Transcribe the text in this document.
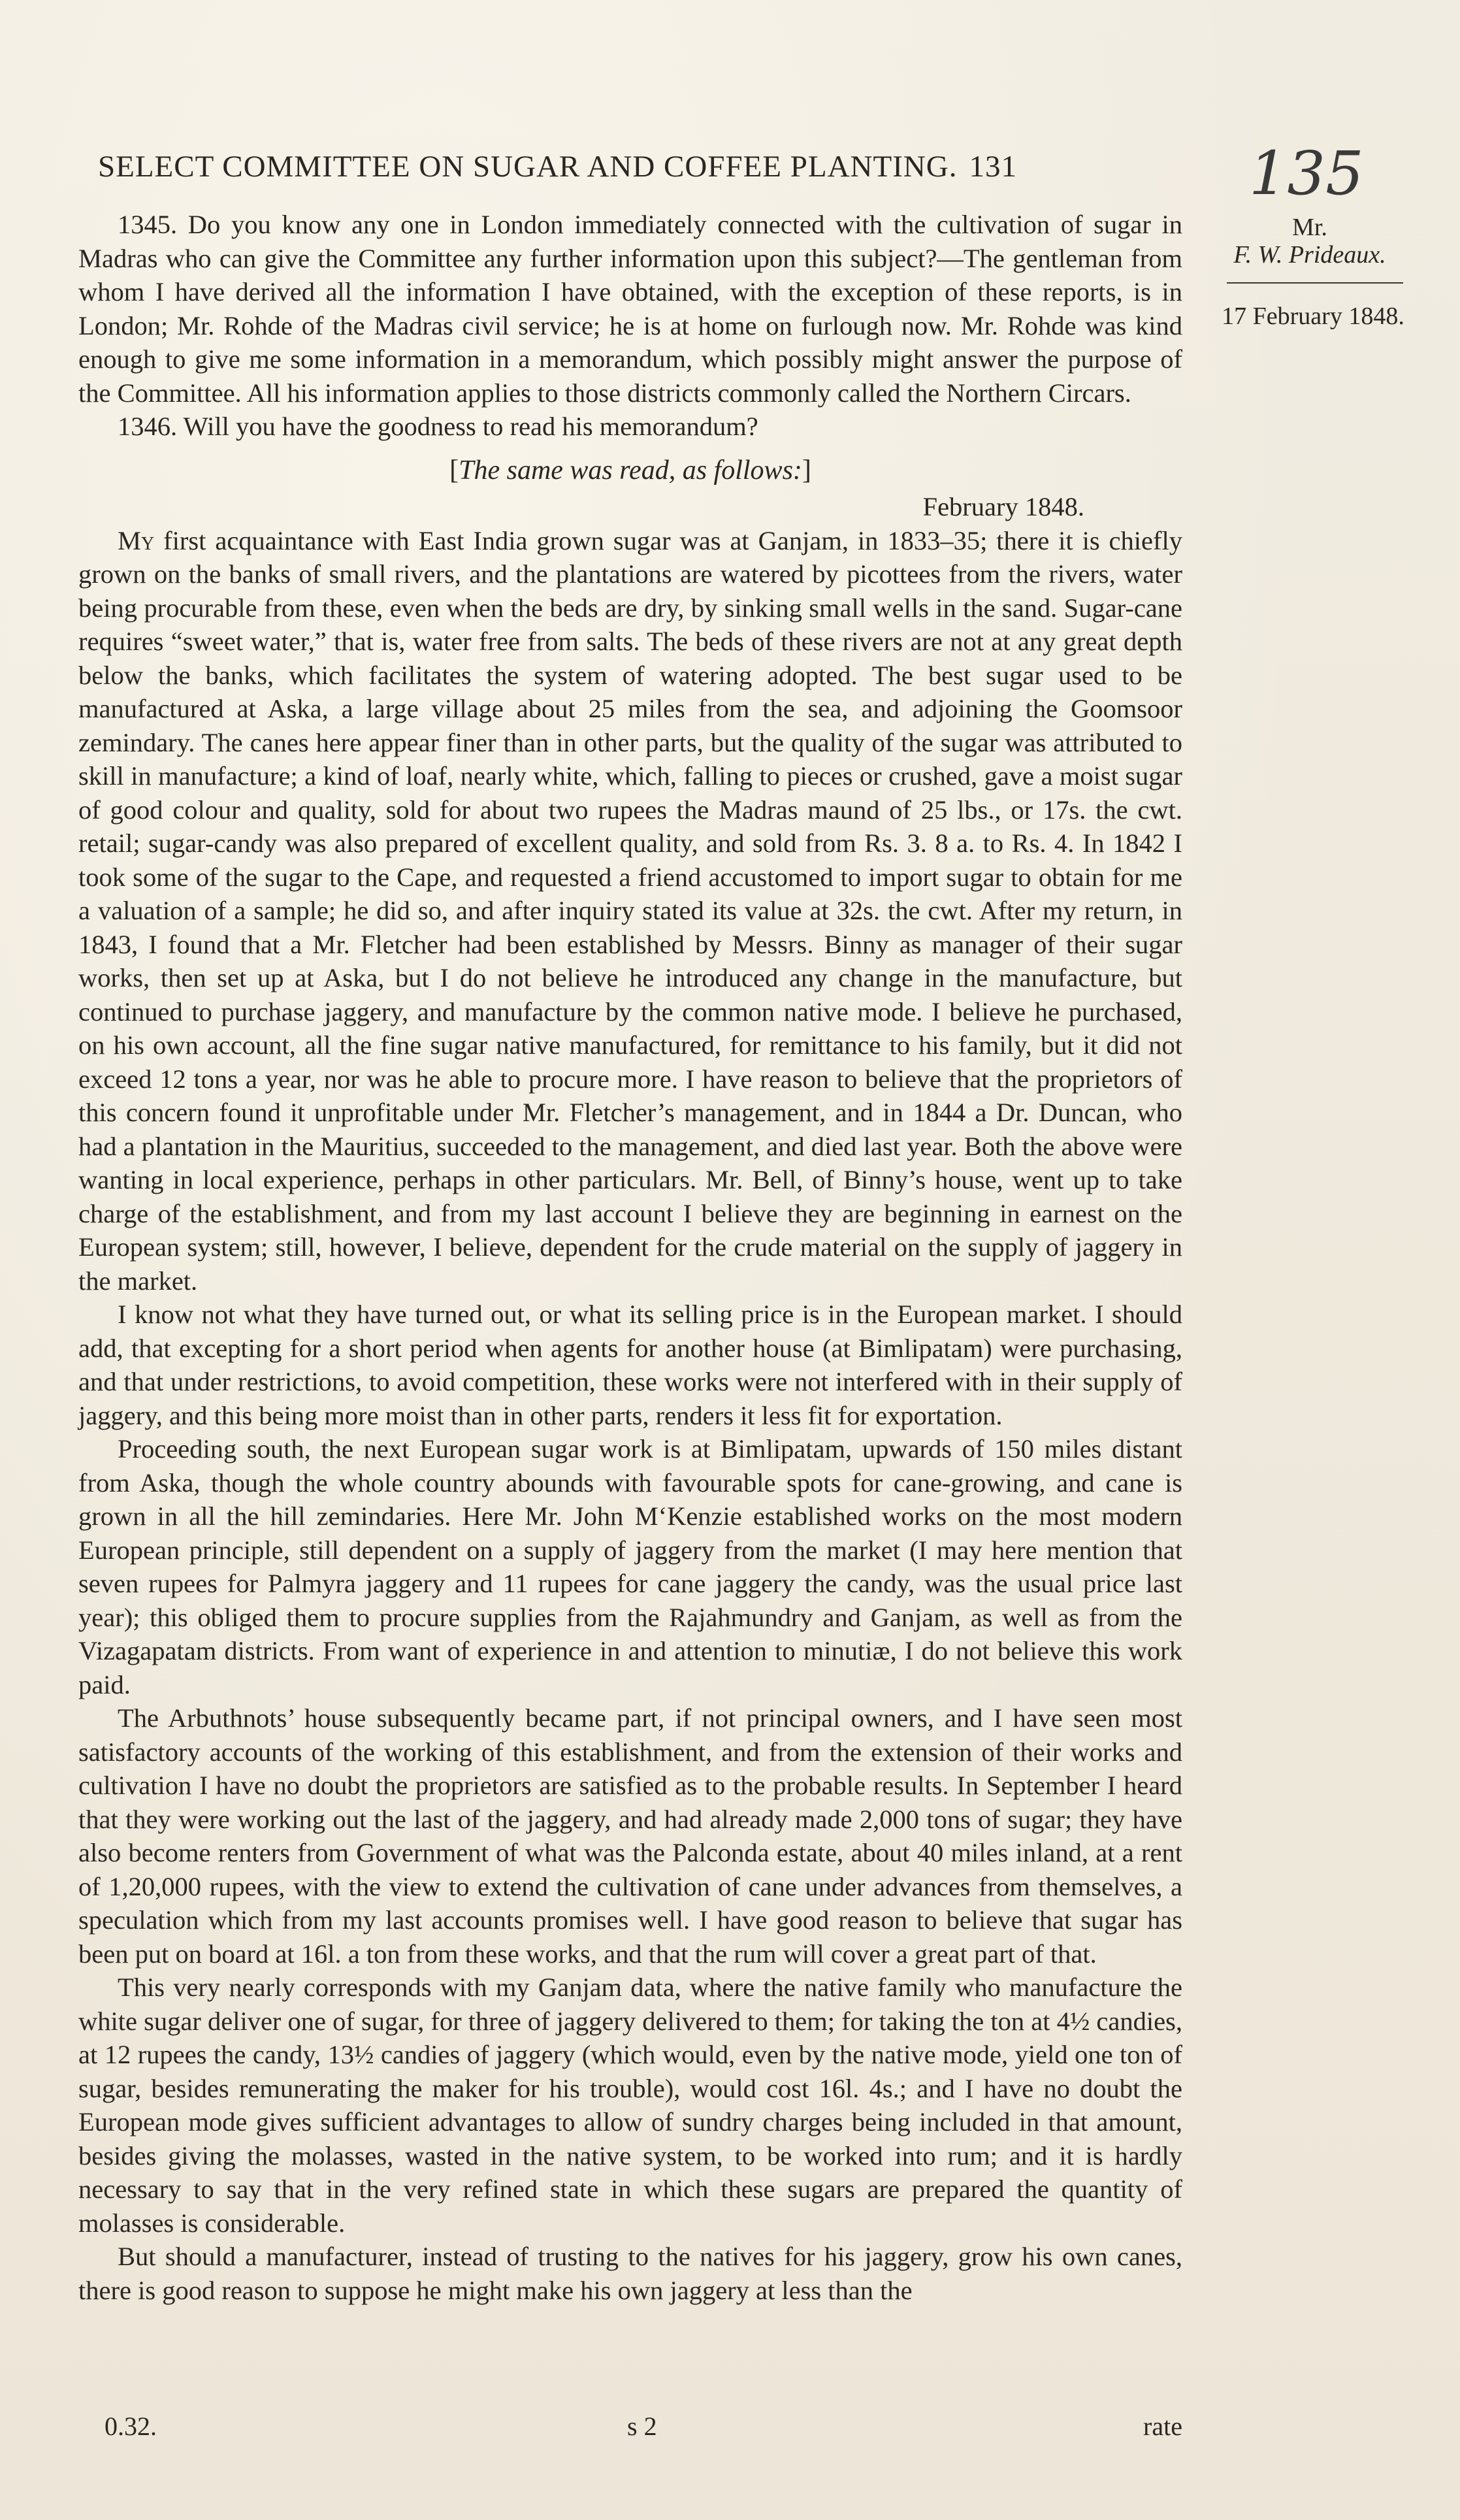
SELECT COMMITTEE ON SUGAR AND COFFEE PLANTING. 131	135
Mr.
F. W. Prideaux.
17 February 1848.

1345. Do you know any one in London immediately connected with the cultivation of sugar in Madras who can give the Committee any further information upon this subject?—The gentleman from whom I have derived all the information I have obtained, with the exception of these reports, is in London; Mr. Rohde of the Madras civil service; he is at home on furlough now. Mr. Rohde was kind enough to give me some information in a memorandum, which possibly might answer the purpose of the Committee. All his information applies to those districts commonly called the Northern Circars.

1346. Will you have the goodness to read his memorandum?

[The same was read, as follows:]

February 1848.

My first acquaintance with East India grown sugar was at Ganjam, in 1833–35; there it is chiefly grown on the banks of small rivers, and the plantations are watered by picottees from the rivers, water being procurable from these, even when the beds are dry, by sinking small wells in the sand. Sugar-cane requires “sweet water,” that is, water free from salts. The beds of these rivers are not at any great depth below the banks, which facilitates the system of watering adopted. The best sugar used to be manufactured at Aska, a large village about 25 miles from the sea, and adjoining the Goomsoor zemindary. The canes here appear finer than in other parts, but the quality of the sugar was attributed to skill in manufacture; a kind of loaf, nearly white, which, falling to pieces or crushed, gave a moist sugar of good colour and quality, sold for about two rupees the Madras maund of 25 lbs., or 17s. the cwt. retail; sugar-candy was also prepared of excellent quality, and sold from Rs. 3. 8 a. to Rs. 4. In 1842 I took some of the sugar to the Cape, and requested a friend accustomed to import sugar to obtain for me a valuation of a sample; he did so, and after inquiry stated its value at 32s. the cwt. After my return, in 1843, I found that a Mr. Fletcher had been established by Messrs. Binny as manager of their sugar works, then set up at Aska, but I do not believe he introduced any change in the manufacture, but continued to purchase jaggery, and manufacture by the common native mode. I believe he purchased, on his own account, all the fine sugar native manufactured, for remittance to his family, but it did not exceed 12 tons a year, nor was he able to procure more. I have reason to believe that the proprietors of this concern found it unprofitable under Mr. Fletcher’s management, and in 1844 a Dr. Duncan, who had a plantation in the Mauritius, succeeded to the management, and died last year. Both the above were wanting in local experience, perhaps in other particulars. Mr. Bell, of Binny’s house, went up to take charge of the establishment, and from my last account I believe they are beginning in earnest on the European system; still, however, I believe, dependent for the crude material on the supply of jaggery in the market.

I know not what they have turned out, or what its selling price is in the European market. I should add, that excepting for a short period when agents for another house (at Bimlipatam) were purchasing, and that under restrictions, to avoid competition, these works were not interfered with in their supply of jaggery, and this being more moist than in other parts, renders it less fit for exportation.

Proceeding south, the next European sugar work is at Bimlipatam, upwards of 150 miles distant from Aska, though the whole country abounds with favourable spots for cane-growing, and cane is grown in all the hill zemindaries. Here Mr. John M‘Kenzie established works on the most modern European principle, still dependent on a supply of jaggery from the market (I may here mention that seven rupees for Palmyra jaggery and 11 rupees for cane jaggery the candy, was the usual price last year); this obliged them to procure supplies from the Rajahmundry and Ganjam, as well as from the Vizagapatam districts. From want of experience in and attention to minutiæ, I do not believe this work paid.

The Arbuthnots’ house subsequently became part, if not principal owners, and I have seen most satisfactory accounts of the working of this establishment, and from the extension of their works and cultivation I have no doubt the proprietors are satisfied as to the probable results. In September I heard that they were working out the last of the jaggery, and had already made 2,000 tons of sugar; they have also become renters from Government of what was the Palconda estate, about 40 miles inland, at a rent of 1,20,000 rupees, with the view to extend the cultivation of cane under advances from themselves, a speculation which from my last accounts promises well. I have good reason to believe that sugar has been put on board at 16l. a ton from these works, and that the rum will cover a great part of that.

This very nearly corresponds with my Ganjam data, where the native family who manufacture the white sugar deliver one of sugar, for three of jaggery delivered to them; for taking the ton at 4½ candies, at 12 rupees the candy, 13½ candies of jaggery (which would, even by the native mode, yield one ton of sugar, besides remunerating the maker for his trouble), would cost 16l. 4s.; and I have no doubt the European mode gives sufficient advantages to allow of sundry charges being included in that amount, besides giving the molasses, wasted in the native system, to be worked into rum; and it is hardly necessary to say that in the very refined state in which these sugars are prepared the quantity of molasses is considerable.

But should a manufacturer, instead of trusting to the natives for his jaggery, grow his own canes, there is good reason to suppose he might make his own jaggery at less than the

0.32.	s 2	rate
